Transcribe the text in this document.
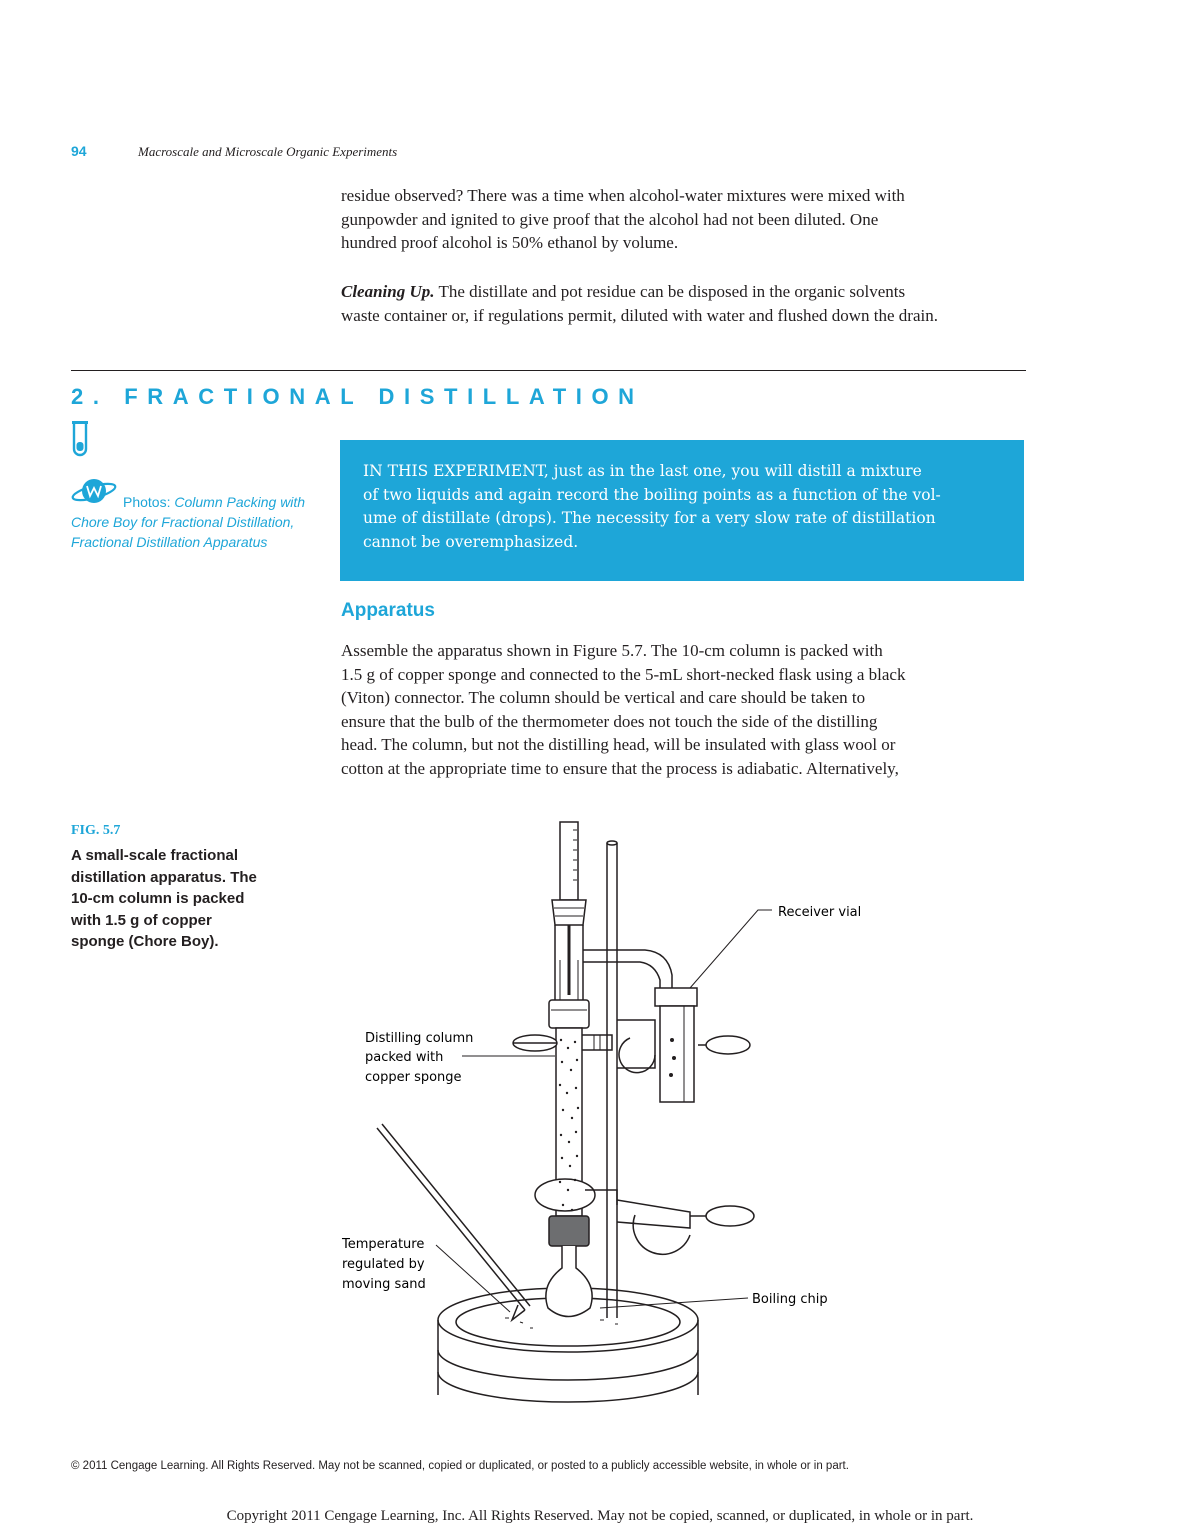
94	Macroscale and Microscale Organic Experiments

residue observed? There was a time when alcohol-water mixtures were mixed with

gunpowder and ignited to give proof that the alcohol had not been diluted. One

hundred proof alcohol is 50% ethanol by volume.

Cleaning Up. The distillate and pot residue can be disposed in the organic solvents

waste container or, if regulations permit, diluted with water and flushed down the drain.

2. FRACTIONAL DISTILLATION
Photos: Column Packing with Chore Boy for Fractional Distillation, Fractional Distillation Apparatus
IN THIS EXPERIMENT, just as in the last one, you will distill a mixture
of two liquids and again record the boiling points as a function of the vol-
ume of distillate (drops). The necessity for a very slow rate of distillation
cannot be overemphasized.
Apparatus

Assemble the apparatus shown in Figure 5.7. The 10-cm column is packed with

1.5 g of copper sponge and connected to the 5-mL short-necked flask using a black

(Viton) connector. The column should be vertical and care should be taken to

ensure that the bulb of the thermometer does not touch the side of the distilling

head. The column, but not the distilling head, will be insulated with glass wool or

cotton at the appropriate time to ensure that the process is adiabatic. Alternatively,

FIG. 5.7
A small-scale fractional
distillation apparatus. The
10-cm column is packed
with 1.5 g of copper
sponge (Chore Boy).
Receiver vial
Distilling column packed with copper sponge
Temperature regulated by moving sand
Boiling chip
© 2011 Cengage Learning. All Rights Reserved. May not be scanned, copied or duplicated, or posted to a publicly accessible website, in whole or in part.
Copyright 2011 Cengage Learning, Inc. All Rights Reserved. May not be copied, scanned, or duplicated, in whole or in part.
